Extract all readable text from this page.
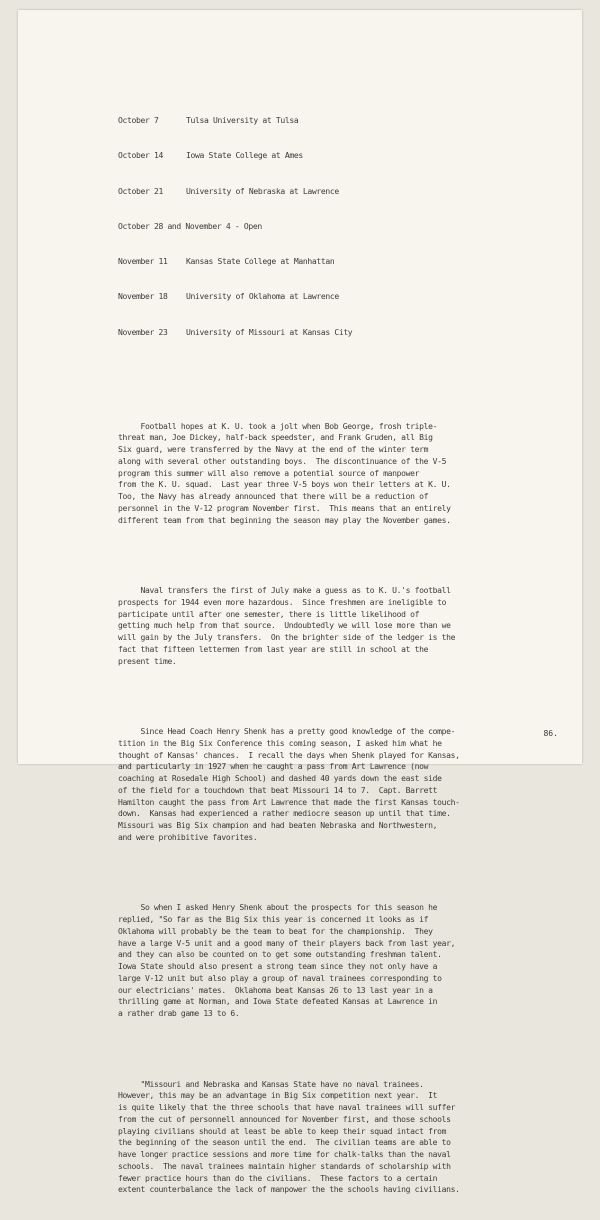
October 7	Tulsa University at Tulsa

October 14	Iowa State College at Ames

October 21	University of Nebraska at Lawrence

October 28 and November 4 - Open

November 11	Kansas State College at Manhattan

November 18	University of Oklahoma at Lawrence

November 23	University of Missouri at Kansas City

Football hopes at K. U. took a jolt when Bob George, frosh triple-
threat man, Joe Dickey, half-back speedster, and Frank Gruden, all Big
Six guard, were transferred by the Navy at the end of the winter term
along with several other outstanding boys.  The discontinuance of the V-5
program this summer will also remove a potential source of manpower
from the K. U. squad.  Last year three V-5 boys won their letters at K. U.
Too, the Navy has already announced that there will be a reduction of
personnel in the V-12 program November first.  This means that an entirely
different team from that beginning the season may play the November games.

Naval transfers the first of July make a guess as to K. U.'s football
prospects for 1944 even more hazardous.  Since freshmen are ineligible to
participate until after one semester, there is little likelihood of
getting much help from that source.  Undoubtedly we will lose more than we
will gain by the July transfers.  On the brighter side of the ledger is the
fact that fifteen lettermen from last year are still in school at the
present time.

Since Head Coach Henry Shenk has a pretty good knowledge of the compe-
tition in the Big Six Conference this coming season, I asked him what he
thought of Kansas' chances.  I recall the days when Shenk played for Kansas,
and particularly in 1927 when he caught a pass from Art Lawrence (now
coaching at Rosedale High School) and dashed 40 yards down the east side
of the field for a touchdown that beat Missouri 14 to 7.  Capt. Barrett
Hamilton caught the pass from Art Lawrence that made the first Kansas touch-
down.  Kansas had experienced a rather mediocre season up until that time.
Missouri was Big Six champion and had beaten Nebraska and Northwestern,
and were prohibitive favorites.

So when I asked Henry Shenk about the prospects for this season he
replied, "So far as the Big Six this year is concerned it looks as if
Oklahoma will probably be the team to beat for the championship.  They
have a large V-5 unit and a good many of their players back from last year,
and they can also be counted on to get some outstanding freshman talent.
Iowa State should also present a strong team since they not only have a
large V-12 unit but also play a group of naval trainees corresponding to
our electricians' mates.  Oklahoma beat Kansas 26 to 13 last year in a
thrilling game at Norman, and Iowa State defeated Kansas at Lawrence in
a rather drab game 13 to 6.

"Missouri and Nebraska and Kansas State have no naval trainees.
However, this may be an advantage in Big Six competition next year.  It
is quite likely that the three schools that have naval trainees will suffer
from the cut of personnell announced for November first, and those schools
playing civilians should at least be able to keep their squad intact from
the beginning of the season until the end.  The civilian teams are able to
have longer practice sessions and more time for chalk-talks than the naval
schools.  The naval trainees maintain higher standards of scholarship with
fewer practice hours than do the civilians.  These factors to a certain
extent counterbalance the lack of manpower the the schools having civilians.

86.
